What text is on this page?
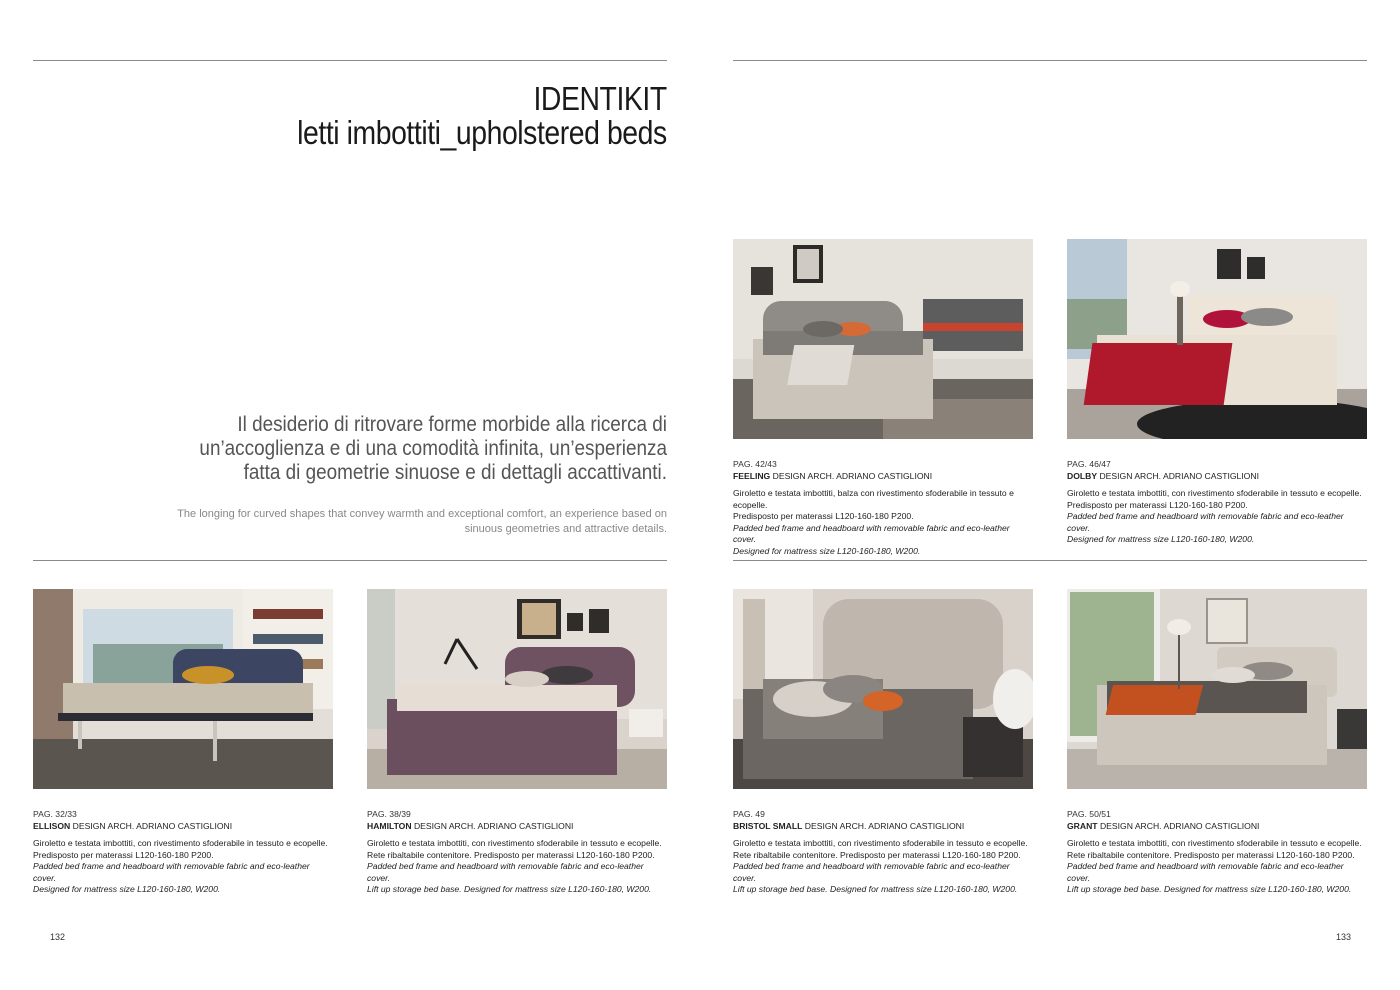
IDENTIKIT
letti imbottiti_upholstered beds
Il desiderio di ritrovare forme morbide alla ricerca di un’accoglienza e di una comodità infinita, un’esperienza fatta di geometrie sinuose e di dettagli accattivanti.
The longing for curved shapes that convey warmth and exceptional comfort, an experience based on sinuous geometries and attractive details.
PAG. 42/43
FEELING DESIGN ARCH. ADRIANO CASTIGLIONI

Giroletto e testata imbottiti, balza con rivestimento sfoderabile in tessuto e ecopelle.
Predisposto per materassi L120-160-180 P200.
Padded bed frame and headboard with removable fabric and eco-leather cover.
Designed for mattress size L120-160-180, W200.

PAG. 46/47
DOLBY DESIGN ARCH. ADRIANO CASTIGLIONI

Giroletto e testata imbottiti, con rivestimento sfoderabile in tessuto e ecopelle.
Predisposto per materassi L120-160-180 P200.
Padded bed frame and headboard with removable fabric and eco-leather cover.
Designed for mattress size L120-160-180, W200.

PAG. 32/33
ELLISON DESIGN ARCH. ADRIANO CASTIGLIONI

Giroletto e testata imbottiti, con rivestimento sfoderabile in tessuto e ecopelle.
Predisposto per materassi L120-160-180 P200.
Padded bed frame and headboard with removable fabric and eco-leather cover.
Designed for mattress size L120-160-180, W200.

PAG. 38/39
HAMILTON DESIGN ARCH. ADRIANO CASTIGLIONI

Giroletto e testata imbottiti, con rivestimento sfoderabile in tessuto e ecopelle.
Rete ribaltabile contenitore. Predisposto per materassi L120-160-180 P200.
Padded bed frame and headboard with removable fabric and eco-leather cover.
Lift up storage bed base. Designed for mattress size L120-160-180, W200.

PAG. 49
BRISTOL SMALL DESIGN ARCH. ADRIANO CASTIGLIONI

Giroletto e testata imbottiti, con rivestimento sfoderabile in tessuto e ecopelle.
Rete ribaltabile contenitore. Predisposto per materassi L120-160-180 P200.
Padded bed frame and headboard with removable fabric and eco-leather cover.
Lift up storage bed base. Designed for mattress size L120-160-180, W200.

PAG. 50/51
GRANT DESIGN ARCH. ADRIANO CASTIGLIONI

Giroletto e testata imbottiti, con rivestimento sfoderabile in tessuto e ecopelle.
Rete ribaltabile contenitore. Predisposto per materassi L120-160-180 P200.
Padded bed frame and headboard with removable fabric and eco-leather cover.
Lift up storage bed base. Designed for mattress size L120-160-180, W200.

132	133
